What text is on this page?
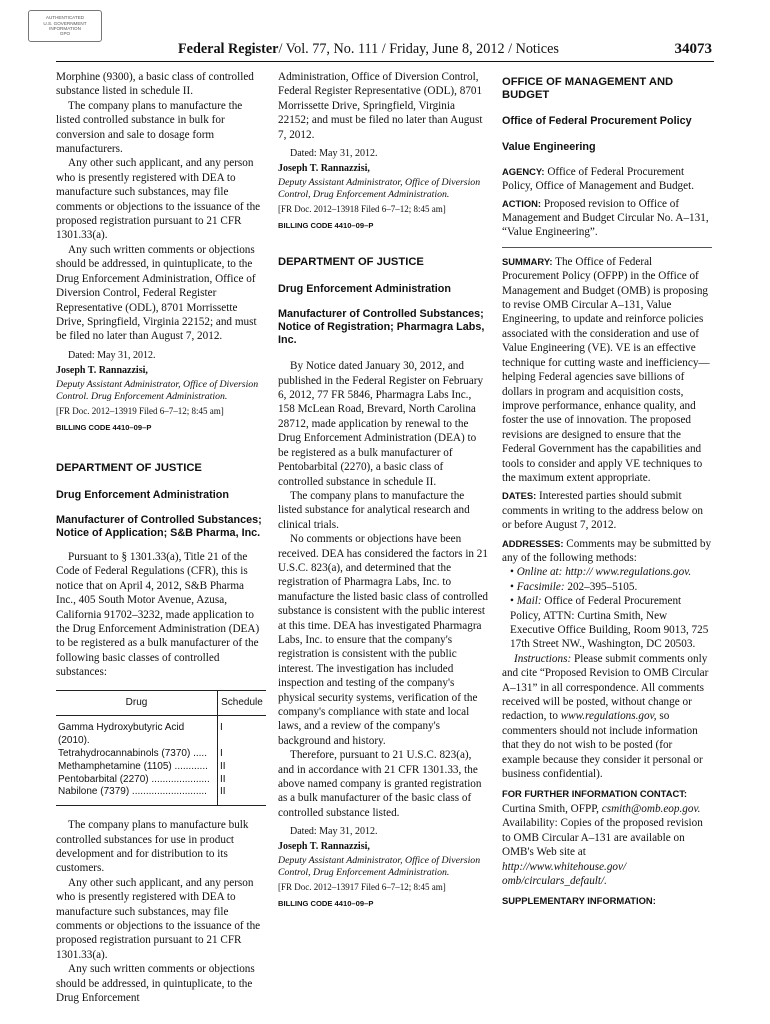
AUTHENTICATED
U.S. GOVERNMENT
INFORMATION
GPO
Federal Register/ Vol. 77, No. 111 / Friday, June 8, 2012 / Notices	34073

Morphine (9300), a basic class of controlled substance listed in schedule II.

The company plans to manufacture the listed controlled substance in bulk for conversion and sale to dosage form manufacturers.

Any other such applicant, and any person who is presently registered with DEA to manufacture such substances, may file comments or objections to the issuance of the proposed registration pursuant to 21 CFR 1301.33(a).

Any such written comments or objections should be addressed, in quintuplicate, to the Drug Enforcement Administration, Office of Diversion Control, Federal Register Representative (ODL), 8701 Morrissette Drive, Springfield, Virginia 22152; and must be filed no later than August 7, 2012.

Dated: May 31, 2012.

Joseph T. Rannazzisi,

Deputy Assistant Administrator, Office of Diversion Control. Drug Enforcement Administration.

[FR Doc. 2012–13919 Filed 6–7–12; 8:45 am]

BILLING CODE 4410–09–P

DEPARTMENT OF JUSTICE

Drug Enforcement Administration

Manufacturer of Controlled Substances; Notice of Application; S&B Pharma, Inc.

Pursuant to § 1301.33(a), Title 21 of the Code of Federal Regulations (CFR), this is notice that on April 4, 2012, S&B Pharma Inc., 405 South Motor Avenue, Azusa, California 91702–3232, made application to the Drug Enforcement Administration (DEA) to be registered as a bulk manufacturer of the following basic classes of controlled substances:

Drug	Schedule
Gamma Hydroxybutyric Acid (2010).	I
Tetrahydrocannabinols (7370) .....	I
Methamphetamine (1105) ............	II
Pentobarbital (2270) .....................	II
Nabilone (7379) ...........................	II

The company plans to manufacture bulk controlled substances for use in product development and for distribution to its customers.

Any other such applicant, and any person who is presently registered with DEA to manufacture such substances, may file comments or objections to the issuance of the proposed registration pursuant to 21 CFR 1301.33(a).

Any such written comments or objections should be addressed, in quintuplicate, to the Drug Enforcement

Administration, Office of Diversion Control, Federal Register Representative (ODL), 8701 Morrissette Drive, Springfield, Virginia 22152; and must be filed no later than August 7, 2012.

Dated: May 31, 2012.

Joseph T. Rannazzisi,

Deputy Assistant Administrator, Office of Diversion Control, Drug Enforcement Administration.

[FR Doc. 2012–13918 Filed 6–7–12; 8:45 am]

BILLING CODE 4410–09–P

DEPARTMENT OF JUSTICE

Drug Enforcement Administration

Manufacturer of Controlled Substances; Notice of Registration; Pharmagra Labs, Inc.

By Notice dated January 30, 2012, and published in the Federal Register on February 6, 2012, 77 FR 5846, Pharmagra Labs Inc., 158 McLean Road, Brevard, North Carolina 28712, made application by renewal to the Drug Enforcement Administration (DEA) to be registered as a bulk manufacturer of Pentobarbital (2270), a basic class of controlled substance in schedule II.

The company plans to manufacture the listed substance for analytical research and clinical trials.

No comments or objections have been received. DEA has considered the factors in 21 U.S.C. 823(a), and determined that the registration of Pharmagra Labs, Inc. to manufacture the listed basic class of controlled substance is consistent with the public interest at this time. DEA has investigated Pharmagra Labs, Inc. to ensure that the company's registration is consistent with the public interest. The investigation has included inspection and testing of the company's physical security systems, verification of the company's compliance with state and local laws, and a review of the company's background and history.

Therefore, pursuant to 21 U.S.C. 823(a), and in accordance with 21 CFR 1301.33, the above named company is granted registration as a bulk manufacturer of the basic class of controlled substance listed.

Dated: May 31, 2012.

Joseph T. Rannazzisi,

Deputy Assistant Administrator, Office of Diversion Control, Drug Enforcement Administration.

[FR Doc. 2012–13917 Filed 6–7–12; 8:45 am]

BILLING CODE 4410–09–P

OFFICE OF MANAGEMENT AND BUDGET

Office of Federal Procurement Policy

Value Engineering

AGENCY: Office of Federal Procurement Policy, Office of Management and Budget.

ACTION: Proposed revision to Office of Management and Budget Circular No. A–131, “Value Engineering”.

SUMMARY: The Office of Federal Procurement Policy (OFPP) in the Office of Management and Budget (OMB) is proposing to revise OMB Circular A–131, Value Engineering, to update and reinforce policies associated with the consideration and use of Value Engineering (VE). VE is an effective technique for cutting waste and inefficiency—helping Federal agencies save billions of dollars in program and acquisition costs, improve performance, enhance quality, and foster the use of innovation. The proposed revisions are designed to ensure that the Federal Government has the capabilities and tools to consider and apply VE techniques to the maximum extent appropriate.

DATES: Interested parties should submit comments in writing to the address below on or before August 7, 2012.

ADDRESSES: Comments may be submitted by any of the following methods:

• Online at: http:// www.regulations.gov.

• Facsimile: 202–395–5105.

• Mail: Office of Federal Procurement Policy, ATTN: Curtina Smith, New Executive Office Building, Room 9013, 725 17th Street NW., Washington, DC 20503.

Instructions: Please submit comments only and cite “Proposed Revision to OMB Circular A–131” in all correspondence. All comments received will be posted, without change or redaction, to www.regulations.gov, so commenters should not include information that they do not wish to be posted (for example because they consider it personal or business confidential).

FOR FURTHER INFORMATION CONTACT:
Curtina Smith, OFPP, csmith@omb.eop.gov. Availability: Copies of the proposed revision to OMB Circular A–131 are available on OMB's Web site at http://www.whitehouse.gov/ omb/circulars_default/.

SUPPLEMENTARY INFORMATION:
